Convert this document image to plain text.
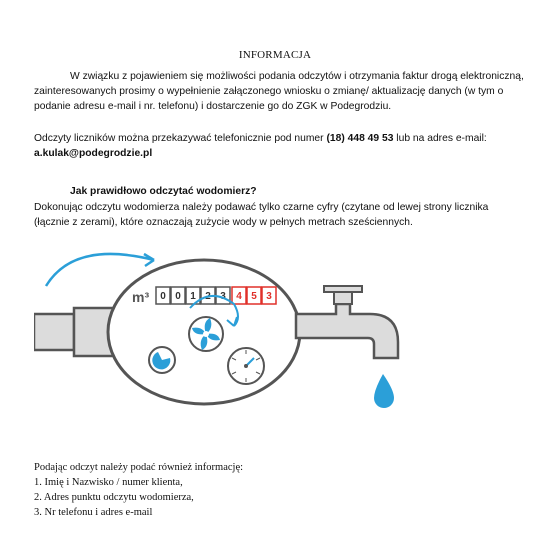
INFORMACJA
W związku z pojawieniem się możliwości podania odczytów i otrzymania faktur drogą elektroniczną, zainteresowanych prosimy o wypełnienie załączonego wniosku o zmianę/ aktualizację danych (w tym o podanie adresu e-mail i nr. telefonu) i dostarczenie go do ZGK w Podegrodziu.
Odczyty liczników można przekazywać telefonicznie pod numer (18) 448 49 53 lub na adres e-mail: a.kulak@podegrodzie.pl
Jak prawidłowo odczytać wodomierz?
Dokonując odczytu wodomierza należy podawać tylko czarne cyfry (czytane od lewej strony licznika (łącznie z zerami), które oznaczają zużycie wody w pełnych metrach sześciennych.
m³ 0 0 1 2 3 4 5 3
Podając odczyt należy podać również informację:
1. Imię i Nazwisko / numer klienta,
2. Adres punktu odczytu wodomierza,
3. Nr telefonu i adres e-mail
